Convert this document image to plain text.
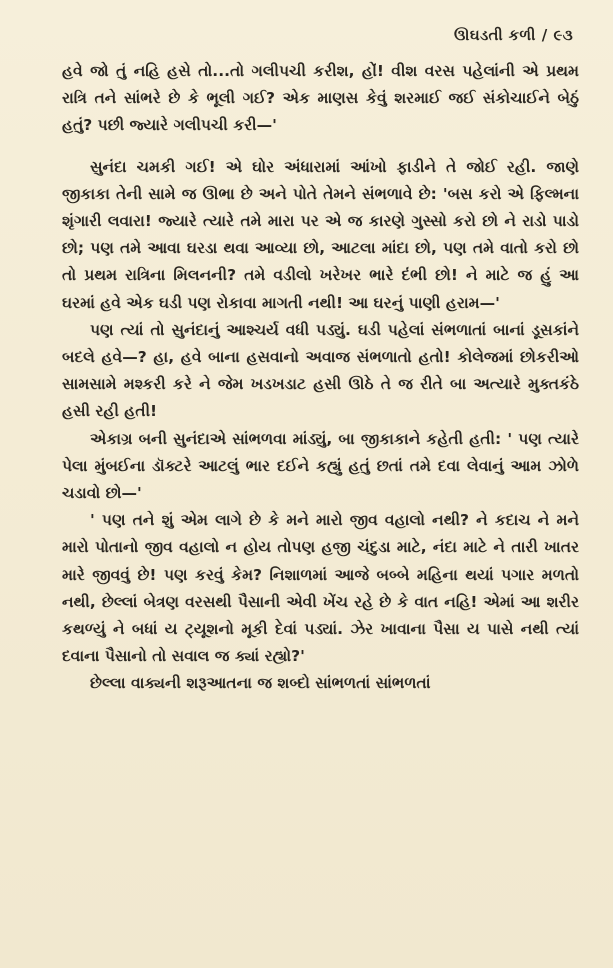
ઊઘડતી કળી / ૯૩

હવે જો તું નહિ હસે તો...તો ગલીપચી કરીશ, હોં! વીશ વરસ પહેલાંની એ પ્રથમ રાત્રિ તને સાંભરે છે કે ભૂલી ગઈ? એક માણસ કેવું શરમાઈ જઈ સંકોચાઈને બેઠું હતું? પછી જ્યારે ગલીપચી કરી—'

સુનંદા ચમકી ગઈ! એ ઘોર અંધારામાં આંખો ફાડીને તે જોઈ રહી. જાણે જીકાકા તેની સામે જ ઊભા છે અને પોતે તેમને સંભળાવે છે: 'બસ કરો એ ફિલ્મના શૃંગારી લવારા! જ્યારે ત્યારે તમે મારા પર એ જ કારણે ગુસ્સો કરો છો ને રાડો પાડો છો; પણ તમે આવા ઘરડા થવા આવ્યા છો, આટલા માંદા છો, પણ તમે વાતો કરો છો તો પ્રથમ રાત્રિના મિલનની? તમે વડીલો ખરેખર ભારે દંભી છો! ને માટે જ હું આ ઘરમાં હવે એક ઘડી પણ રોકાવા માગતી નથી! આ ઘરનું પાણી હરામ—'

પણ ત્યાં તો સુનંદાનું આશ્ચર્ય વધી પડ્યું. ઘડી પહેલાં સંભળાતાં બાનાં ડૂસકાંને બદલે હવે—? હા, હવે બાના હસવાનો અવાજ સંભળાતો હતો! કોલેજમાં છોકરીઓ સામસામે મશ્કરી કરે ને જેમ ખડખડાટ હસી ઊઠે તે જ રીતે બા અત્યારે મુક્તકંઠે હસી રહી હતી!

એકાગ્ર બની સુનંદાએ સાંભળવા માંડ્યું, બા જીકાકાને કહેતી હતી: ' પણ ત્યારે પેલા મુંબઈના ડૉક્ટરે આટલું ભાર દઈને કહ્યું હતું છતાં તમે દવા લેવાનું આમ ઝોળે ચડાવો છો—'

' પણ તને શું એમ લાગે છે કે મને મારો જીવ વહાલો નથી? ને કદાચ ને મને મારો પોતાનો જીવ વહાલો ન હોય તોપણ હજી ચંદુડા માટે, નંદા માટે ને તારી ખાતર મારે જીવવું છે! પણ કરવું કેમ? નિશાળમાં આજે બબ્બે મહિના થયાં પગાર મળતો નથી, છેલ્લાં બેત્રણ વરસથી પૈસાની એવી ખેંચ રહે છે કે વાત નહિ! એમાં આ શરીર કથળ્યું ને બધાં ય ટ્યૂશનો મૂકી દેવાં પડ્યાં. ઝેર ખાવાના પૈસા ય પાસે નથી ત્યાં દવાના પૈસાનો તો સવાલ જ ક્યાં રહ્યો?'

છેલ્લા વાક્યની શરૂઆતના જ શબ્દો સાંભળતાં સાંભળતાં
